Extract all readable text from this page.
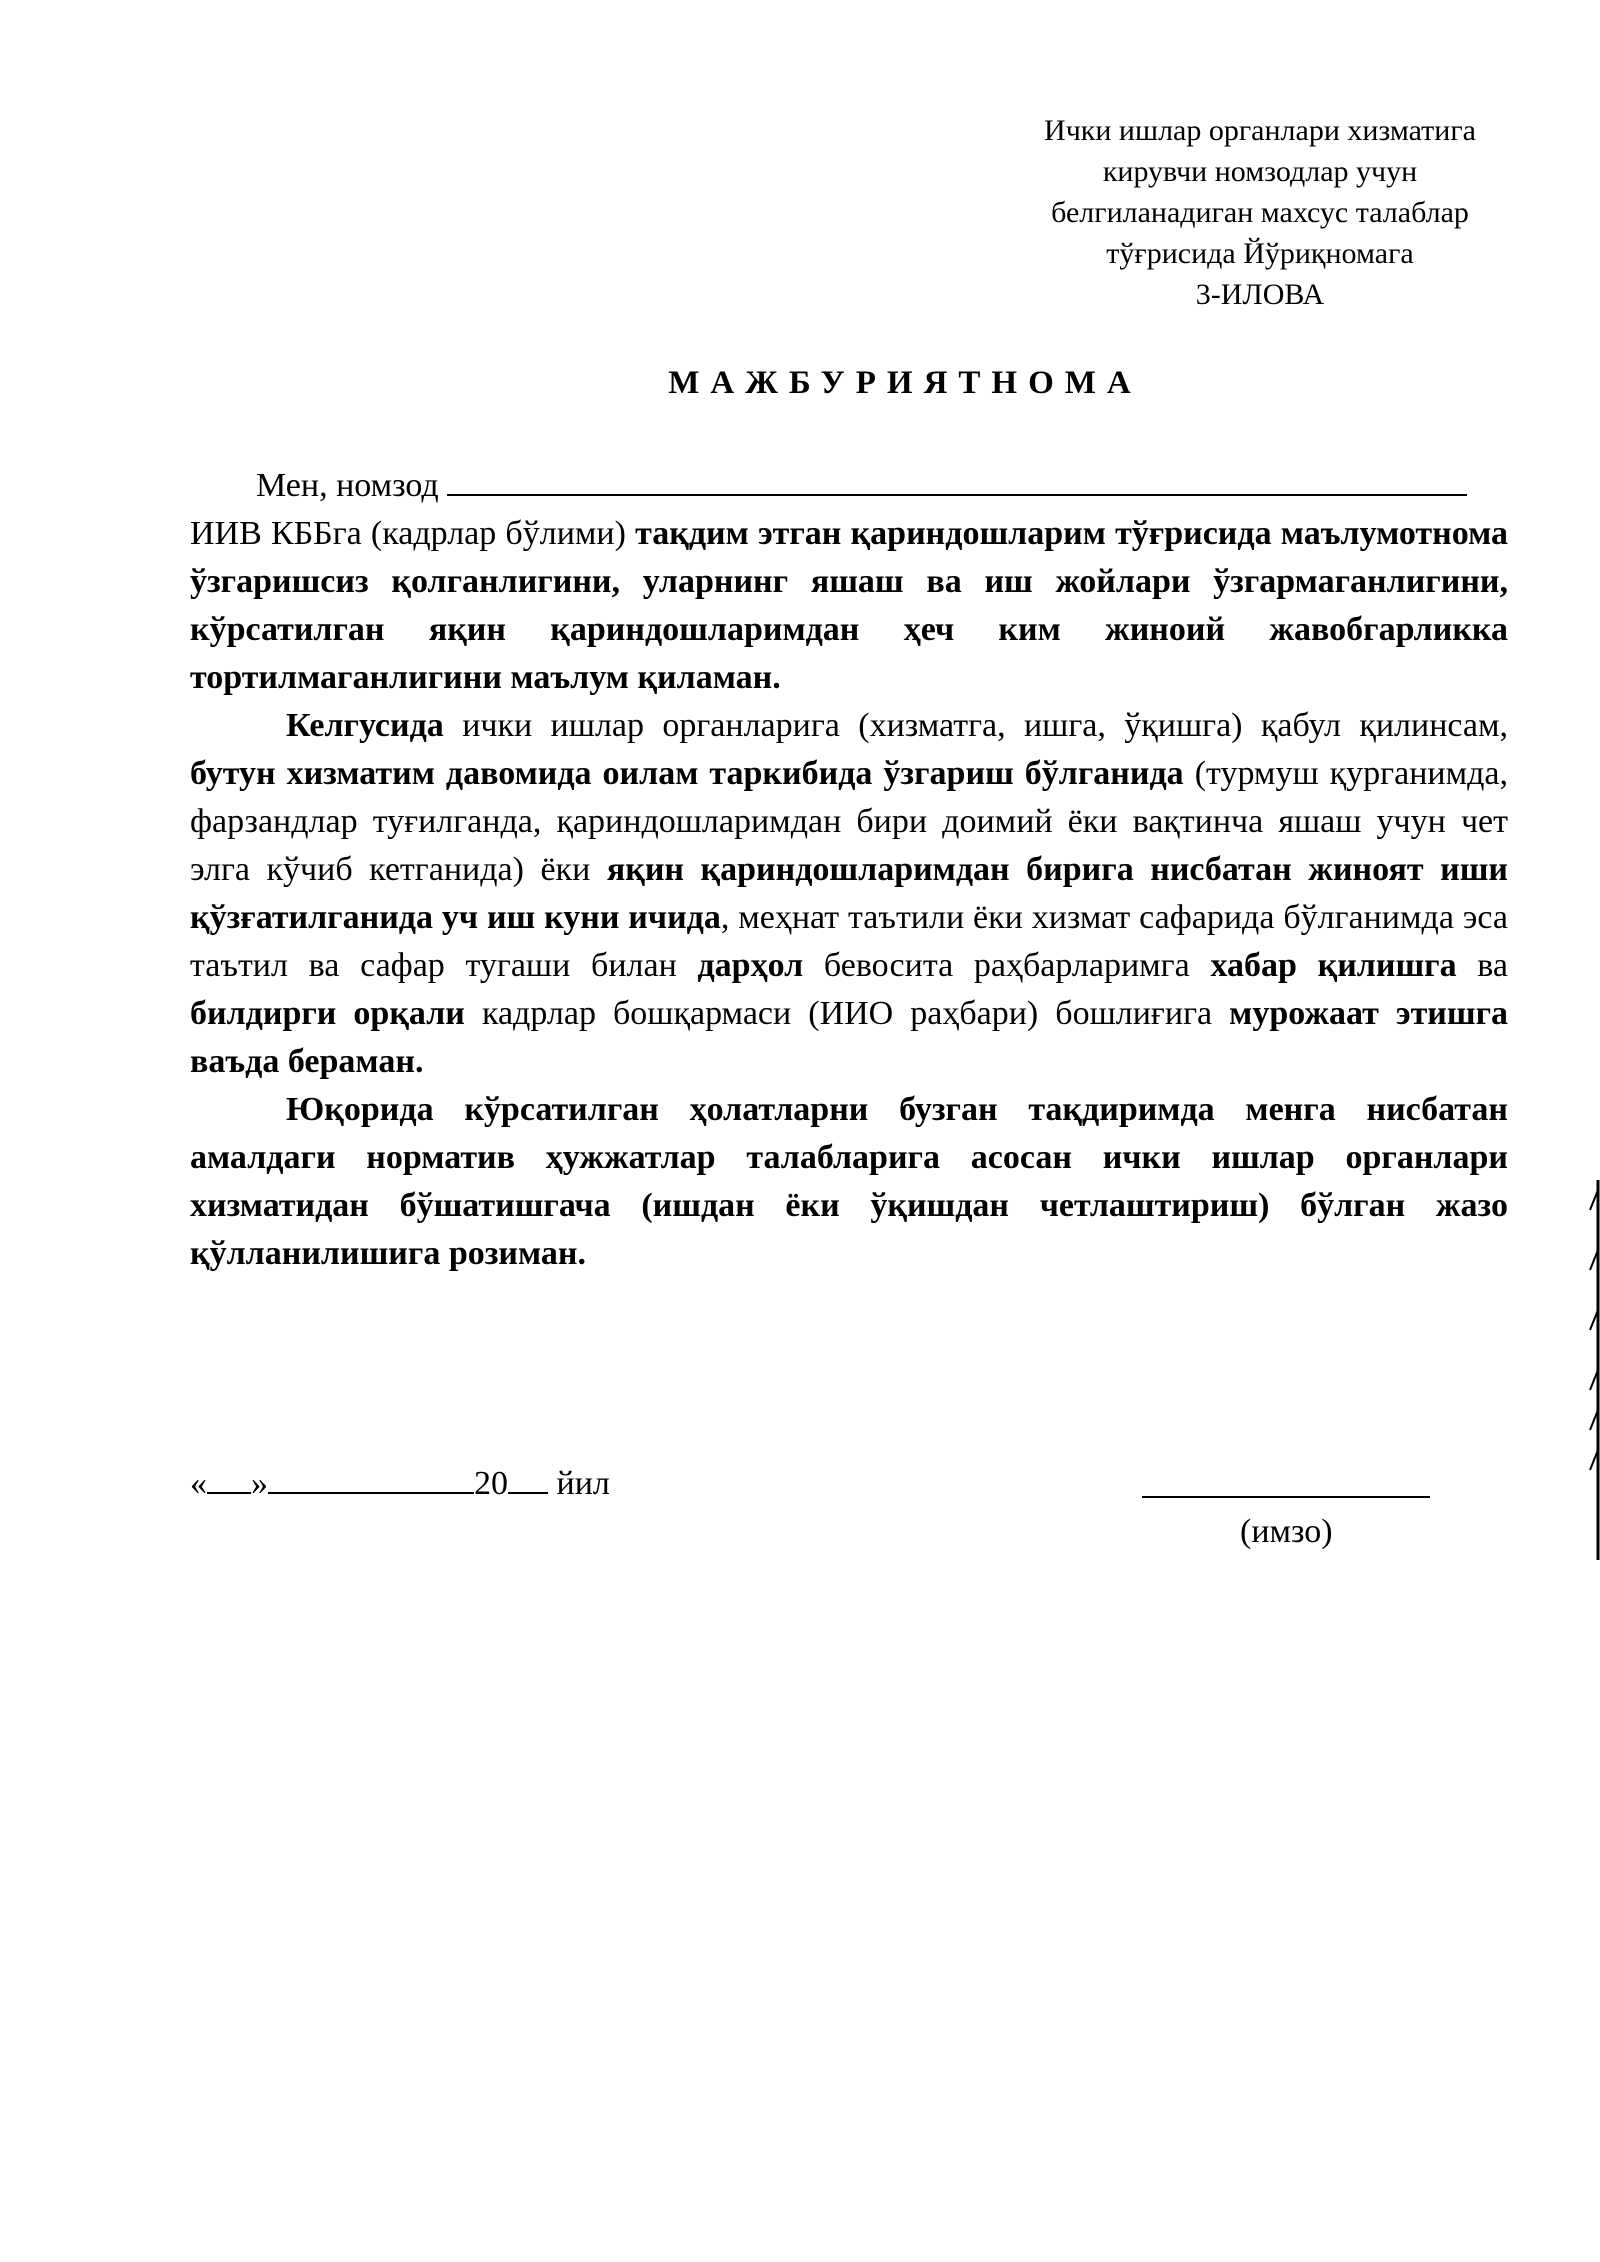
Ички ишлар органлари хизматига
кирувчи номзодлар учун
белгиланадиган махсус талаблар
тўғрисида Йўриқномага
3-ИЛОВА
МАЖБУРИЯТНОМА

Мен, номзод

ИИВ КББга (кадрлар бўлими) тақдим этган қариндошларим тўғрисида маълумотнома ўзгаришсиз қолганлигини, уларнинг яшаш ва иш жойлари ўзгармаганлигини, кўрсатилган яқин қариндошларимдан ҳеч ким жиноий жавобгарликка тортилмаганлигини маълум қиламан.

Келгусида ички ишлар органларига (хизматга, ишга, ўқишга) қабул қилинсам, бутун хизматим давомида оилам таркибида ўзгариш бўлганида (турмуш қурганимда, фарзандлар туғилганда, қариндошларимдан бири доимий ёки вақтинча яшаш учун чет элга кўчиб кетганида) ёки яқин қариндошларимдан бирига нисбатан жиноят иши қўзғатилганида уч иш куни ичида, меҳнат таътили ёки хизмат сафарида бўлганимда эса таътил ва сафар тугаши билан дарҳол бевосита раҳбарларимга хабар қилишга ва билдирги орқали кадрлар бошқармаси (ИИО раҳбари) бошлиғига мурожаат этишга ваъда бераман.

Юқорида кўрсатилган ҳолатларни бузган тақдиримда менга нисбатан амалдаги норматив ҳужжатлар талабларига асосан ички ишлар органлари хизматидан бўшатишгача (ишдан ёки ўқишдан четлаштириш) бўлган жазо қўлланилишига розиман.

« »	20 йил
(имзо)
